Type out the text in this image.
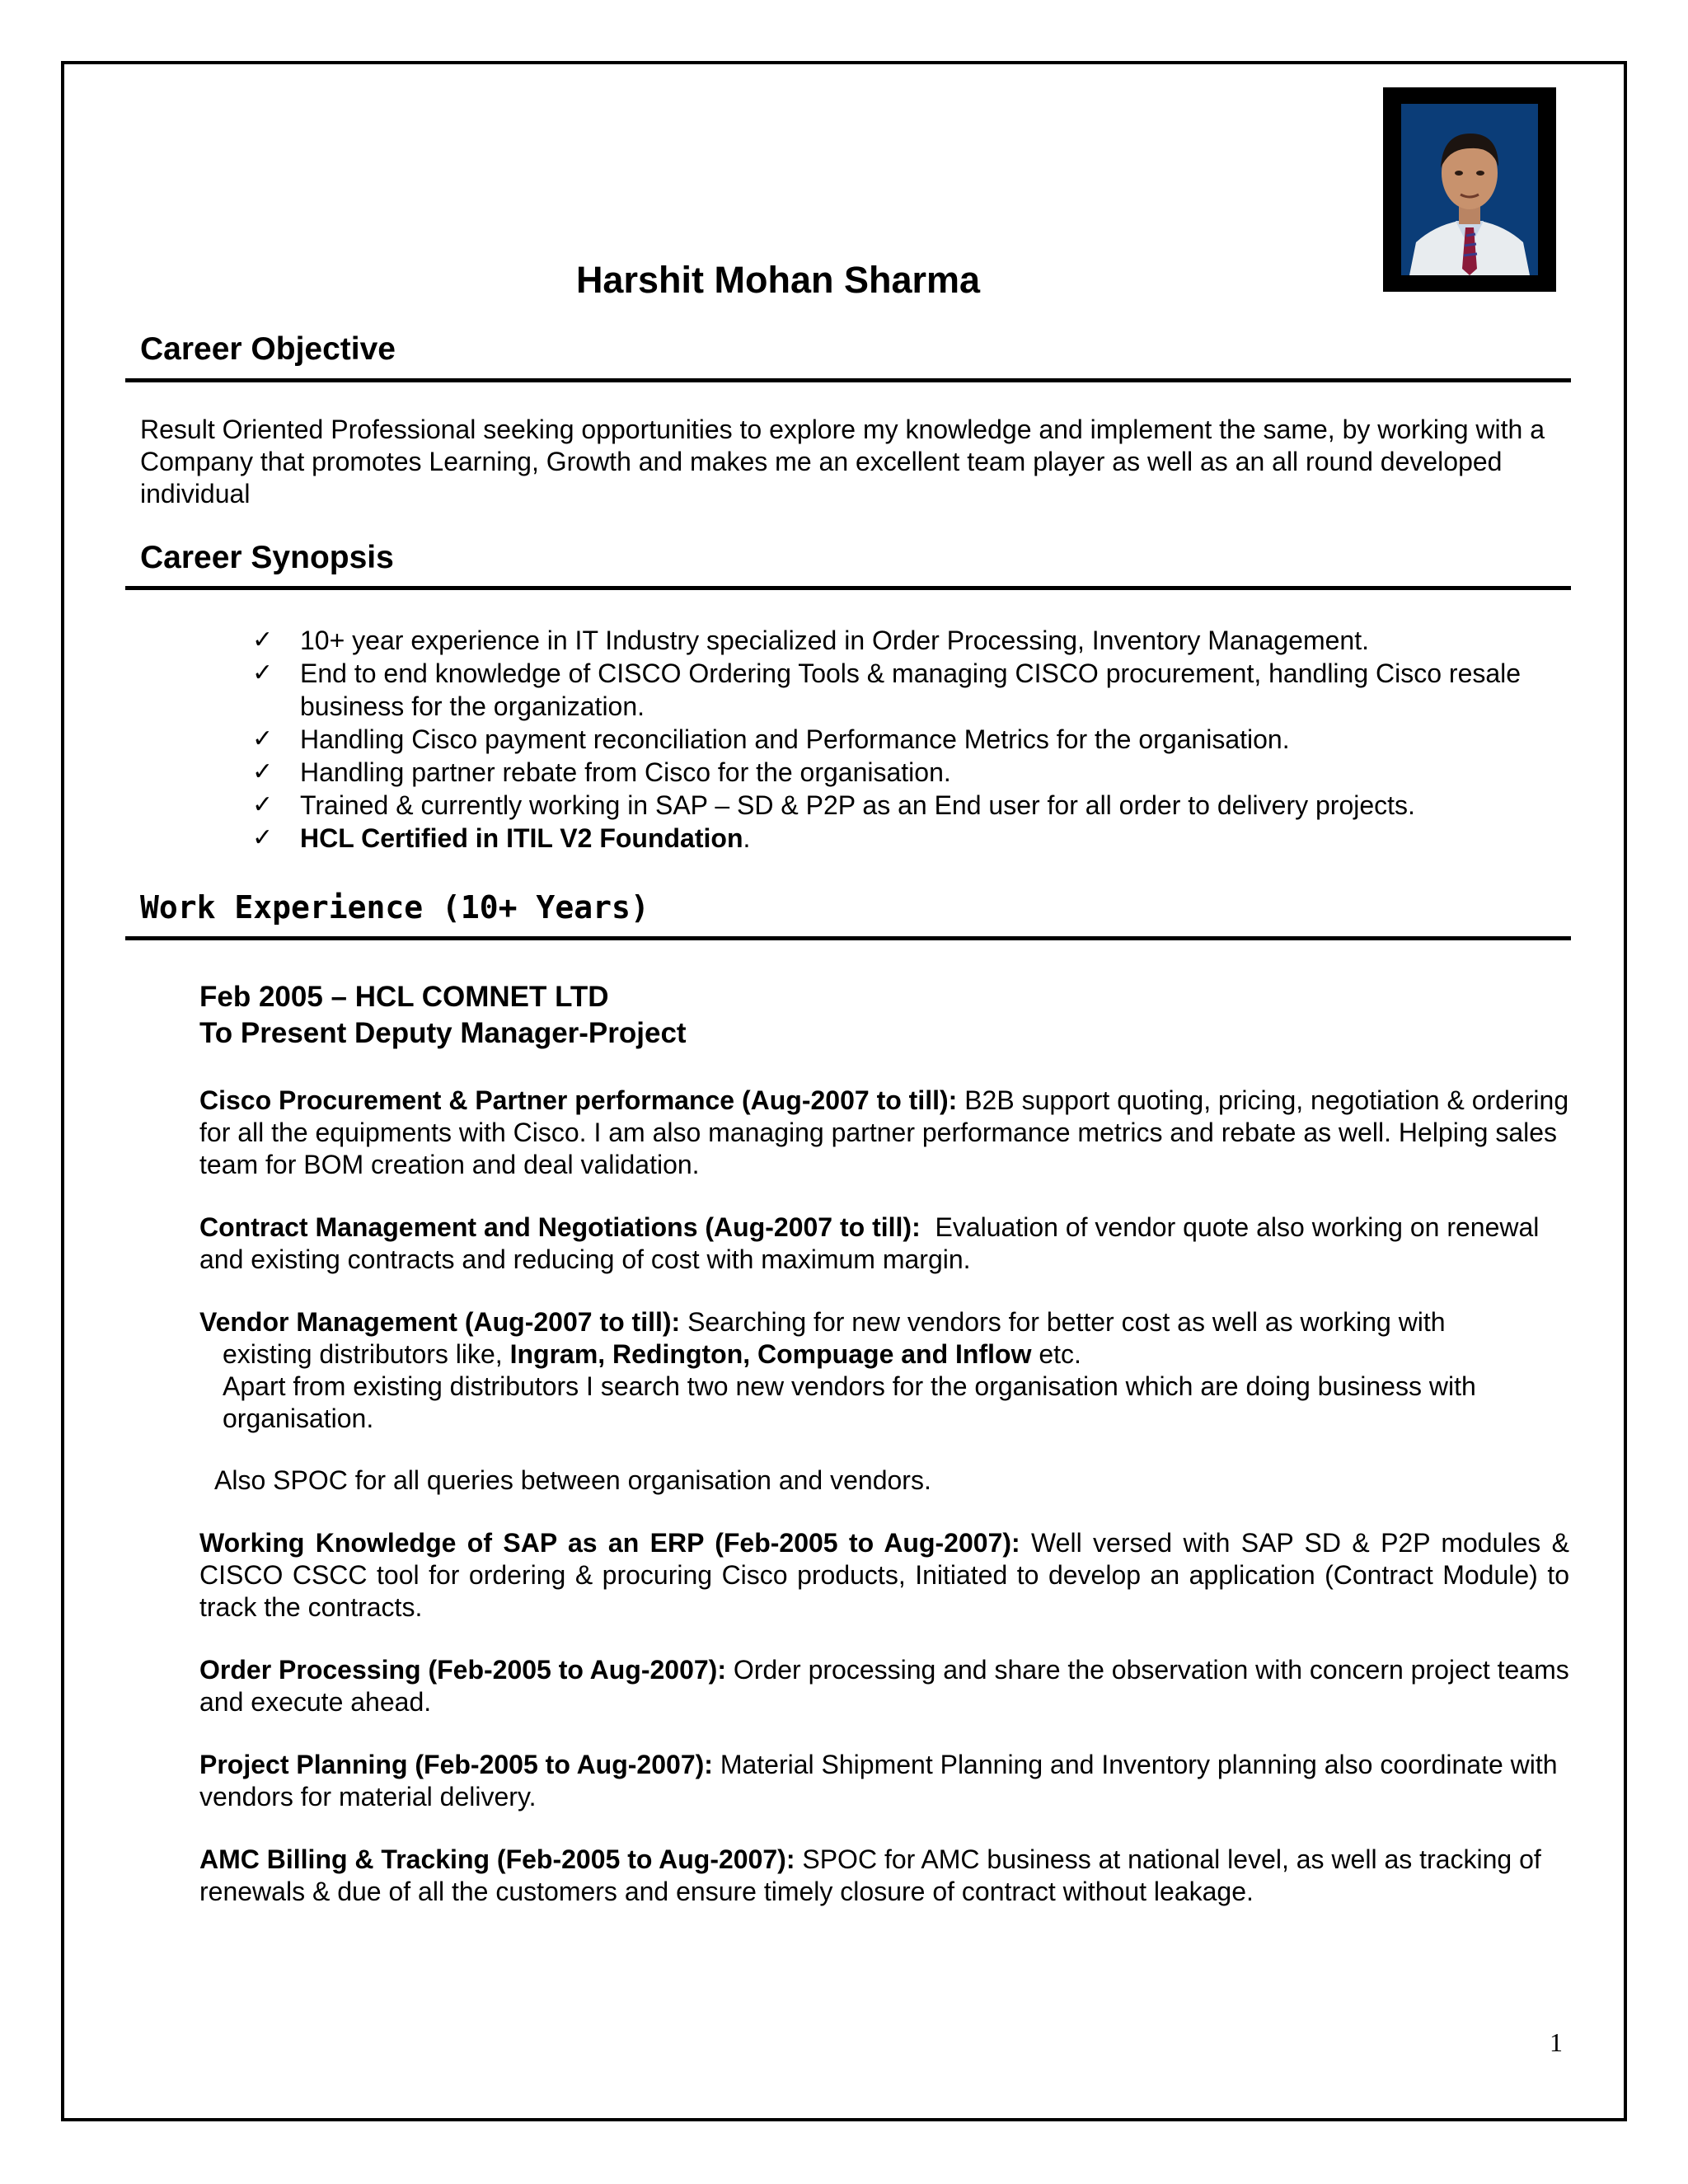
Harshit Mohan Sharma
Career Objective

Result Oriented Professional seeking opportunities to explore my knowledge and implement the same, by working with a Company that promotes Learning, Growth and makes me an excellent team player as well as an all round developed individual

Career Synopsis
✓ 10+ year experience in IT Industry specialized in Order Processing, Inventory Management.
✓ End to end knowledge of CISCO Ordering Tools & managing CISCO procurement, handling Cisco resale business for the organization.
✓ Handling Cisco payment reconciliation and Performance Metrics for the organisation.
✓ Handling partner rebate from Cisco for the organisation.
✓ Trained & currently working in SAP – SD & P2P as an End user for all order to delivery projects.
✓ HCL Certified in ITIL V2 Foundation.
Work Experience (10+ Years)
Feb 2005 – HCL COMNET LTD
To Present Deputy Manager-Project

Cisco Procurement & Partner performance (Aug-2007 to till): B2B support quoting, pricing, negotiation & ordering for all the equipments with Cisco. I am also managing partner performance metrics and rebate as well. Helping sales team for BOM creation and deal validation.

Contract Management and Negotiations (Aug-2007 to till):  Evaluation of vendor quote also working on renewal and existing contracts and reducing of cost with maximum margin.

Vendor Management (Aug-2007 to till): Searching for new vendors for better cost as well as working with
existing distributors like, Ingram, Redington, Compuage and Inflow etc.
Apart from existing distributors I search two new vendors for the organisation which are doing business with organisation.

Also SPOC for all queries between organisation and vendors.

Working Knowledge of SAP as an ERP (Feb-2005 to Aug-2007): Well versed with SAP SD & P2P modules & CISCO CSCC tool for ordering & procuring Cisco products, Initiated to develop an application (Contract Module) to track the contracts.

Order Processing (Feb-2005 to Aug-2007): Order processing and share the observation with concern project teams and execute ahead.

Project Planning (Feb-2005 to Aug-2007): Material Shipment Planning and Inventory planning also coordinate with vendors for material delivery.

AMC Billing & Tracking (Feb-2005 to Aug-2007): SPOC for AMC business at national level, as well as tracking of renewals & due of all the customers and ensure timely closure of contract without leakage.

1
